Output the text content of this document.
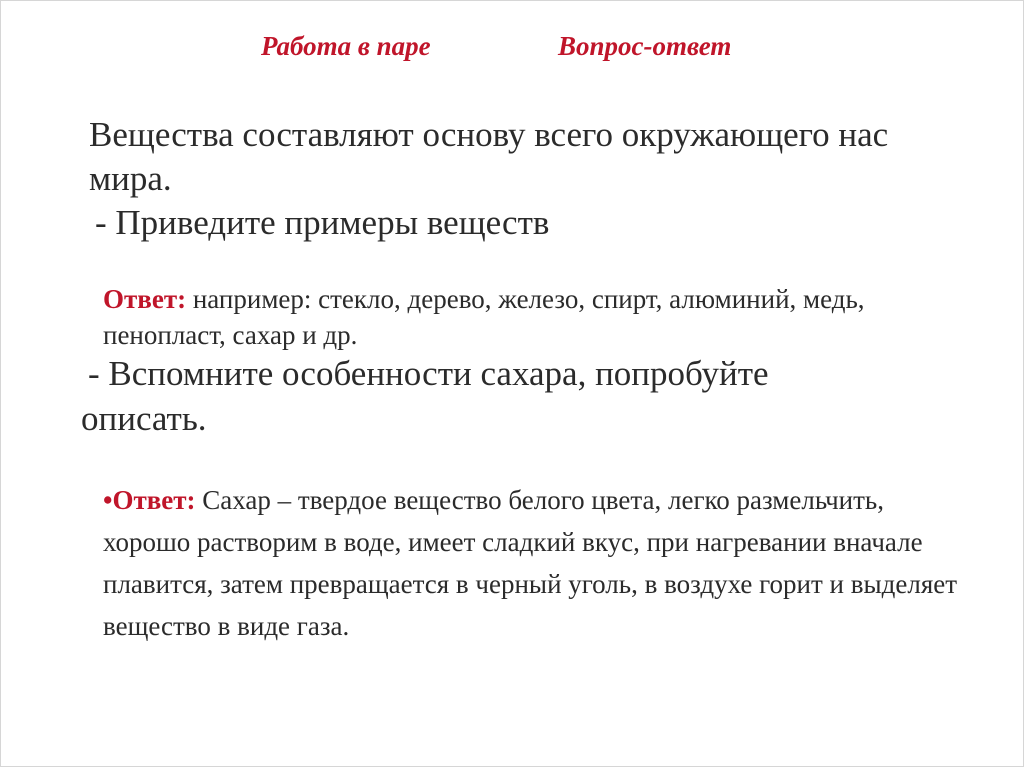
Работа в паре	Вопрос-ответ
Вещества составляют основу всего окружающего нас мира.
- Приведите примеры веществ
Ответ: например: стекло, дерево, железо, спирт, алюминий, медь, пенопласт, сахар и др.
- Вспомните особенности сахара, попробуйте
описать.
•Ответ: Сахар – твердое вещество белого цвета, легко размельчить, хорошо растворим в воде, имеет сладкий вкус, при нагревании вначале плавится, затем превращается в черный уголь, в воздухе горит и выделяет вещество в виде газа.
